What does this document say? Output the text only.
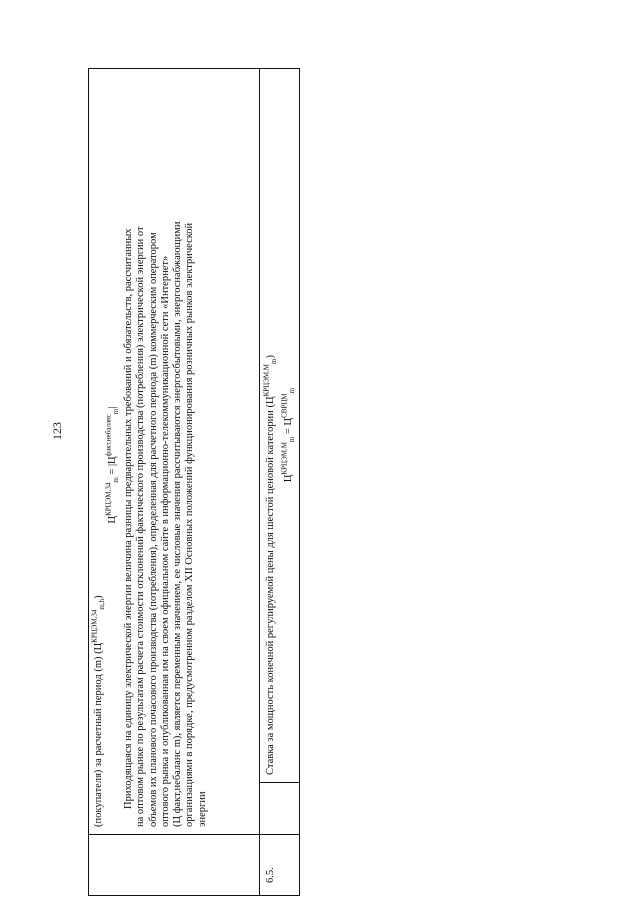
123
(покупателя) за расчетный период (m) $(Ц^{КРЦЭМ,34}_{m,h})$
$Ц^{КРЦЭМ,34}_m = |Ц^{факт,небаланс}_m|$ Приходящаяся на единицу электрической энергии величина разницы предварительных требований и обязательств, рассчитанных на оптовом рынке по результатам расчета стоимости отклонений фактического производства (потребления) электрической энергии от объемов их планового почасового производства (потребления), определенная для расчетного периода (m) коммерческим оператором оптового рынка и опубликованная им на своем официальном сайте в информационно-телекоммуникационной сети «Интернет» (Ц факт,небаланс m), является переменным значением, ее числовые значения рассчитываются энергосбытовыми, энергоснабжающими организациями в порядке, предусмотренном разделом XII Основных положений функционирования розничных рынков электрической энергии
6.5.
Ставка за мощность конечной регулируемой цены для шестой ценовой категории $(Ц^{КРЦЭМ,М}_m)$
$Ц^{КРЦЭМ,М}_m = Ц^{СВРЦМ}_m$
